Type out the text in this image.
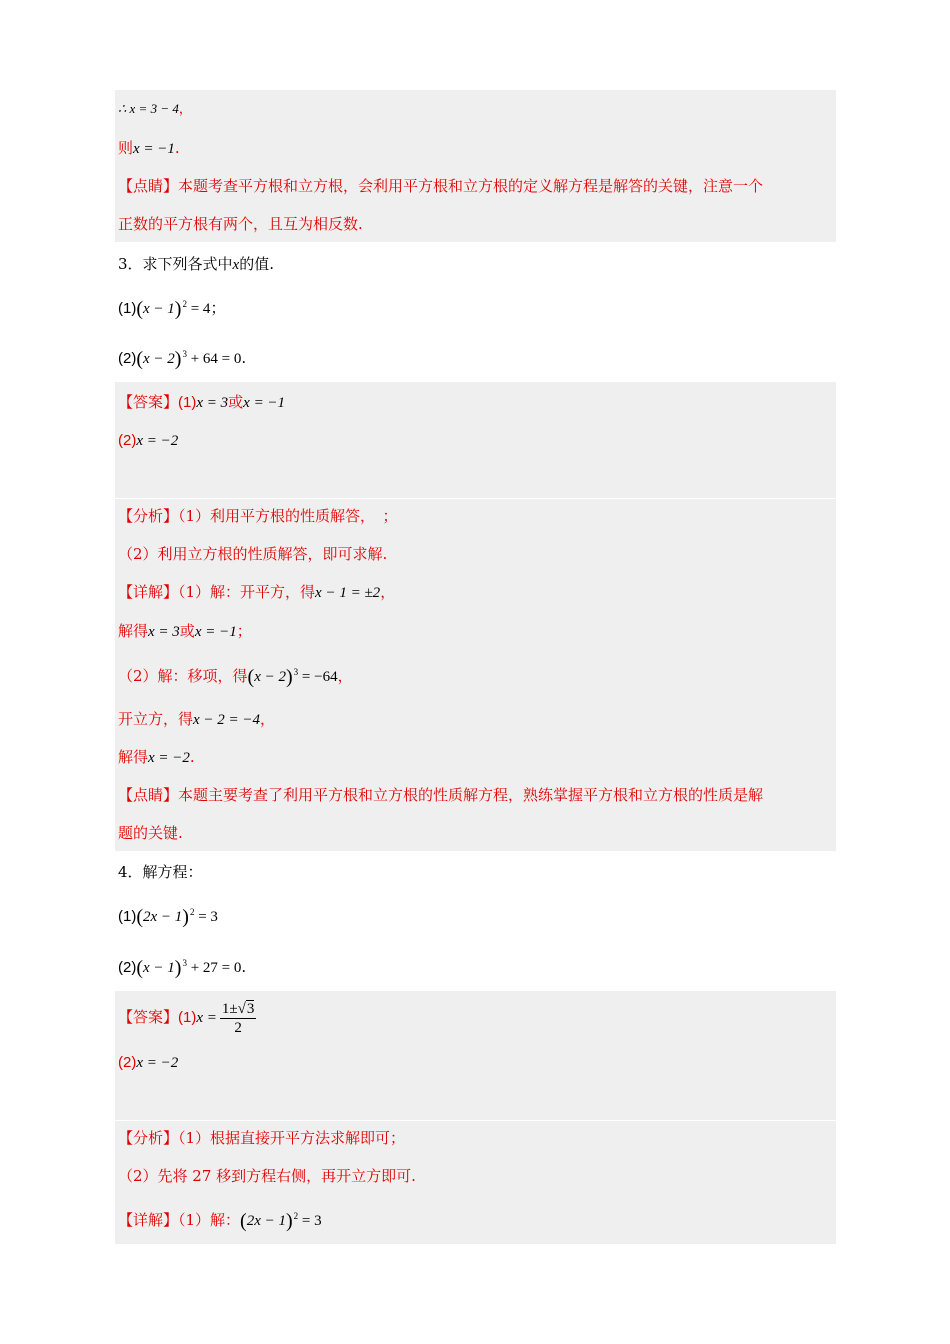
∴ x = 3 − 4，
则x = −1.
【点睛】本题考查平方根和立方根，会利用平方根和立方根的定义解方程是解答的关键，注意一个
正数的平方根有两个，且互为相反数.
3．求下列各式中x的值.
$(1)(x - 1)^2 = 4$；
$(2)(x - 2)^3 + 64 = 0$.
【答案】(1)x = 3或x = −1
(2)x = −2
【分析】（1）利用平方根的性质解答，　；
（2）利用立方根的性质解答，即可求解.
【详解】（1）解：开平方，得x − 1 = ±2，
解得x = 3或x = −1；
（2）解：移项，得$(x - 2)^3 = -64$，
开立方，得x − 2 = −4，
解得x = −2.
【点睛】本题主要考查了利用平方根和立方根的性质解方程，熟练掌握平方根和立方根的性质是解
题的关键.
4．解方程：
$(1)(2x - 1)^2 = 3$
$(2)(x - 1)^3 + 27 = 0$.
【答案】$(1)x = \frac{1\pm√3}{2}$
(2)x = −2
【分析】（1）根据直接开平方法求解即可；
（2）先将 27 移到方程右侧，再开立方即可.
【详解】（1）解：$(2x - 1)^2 = 3$
